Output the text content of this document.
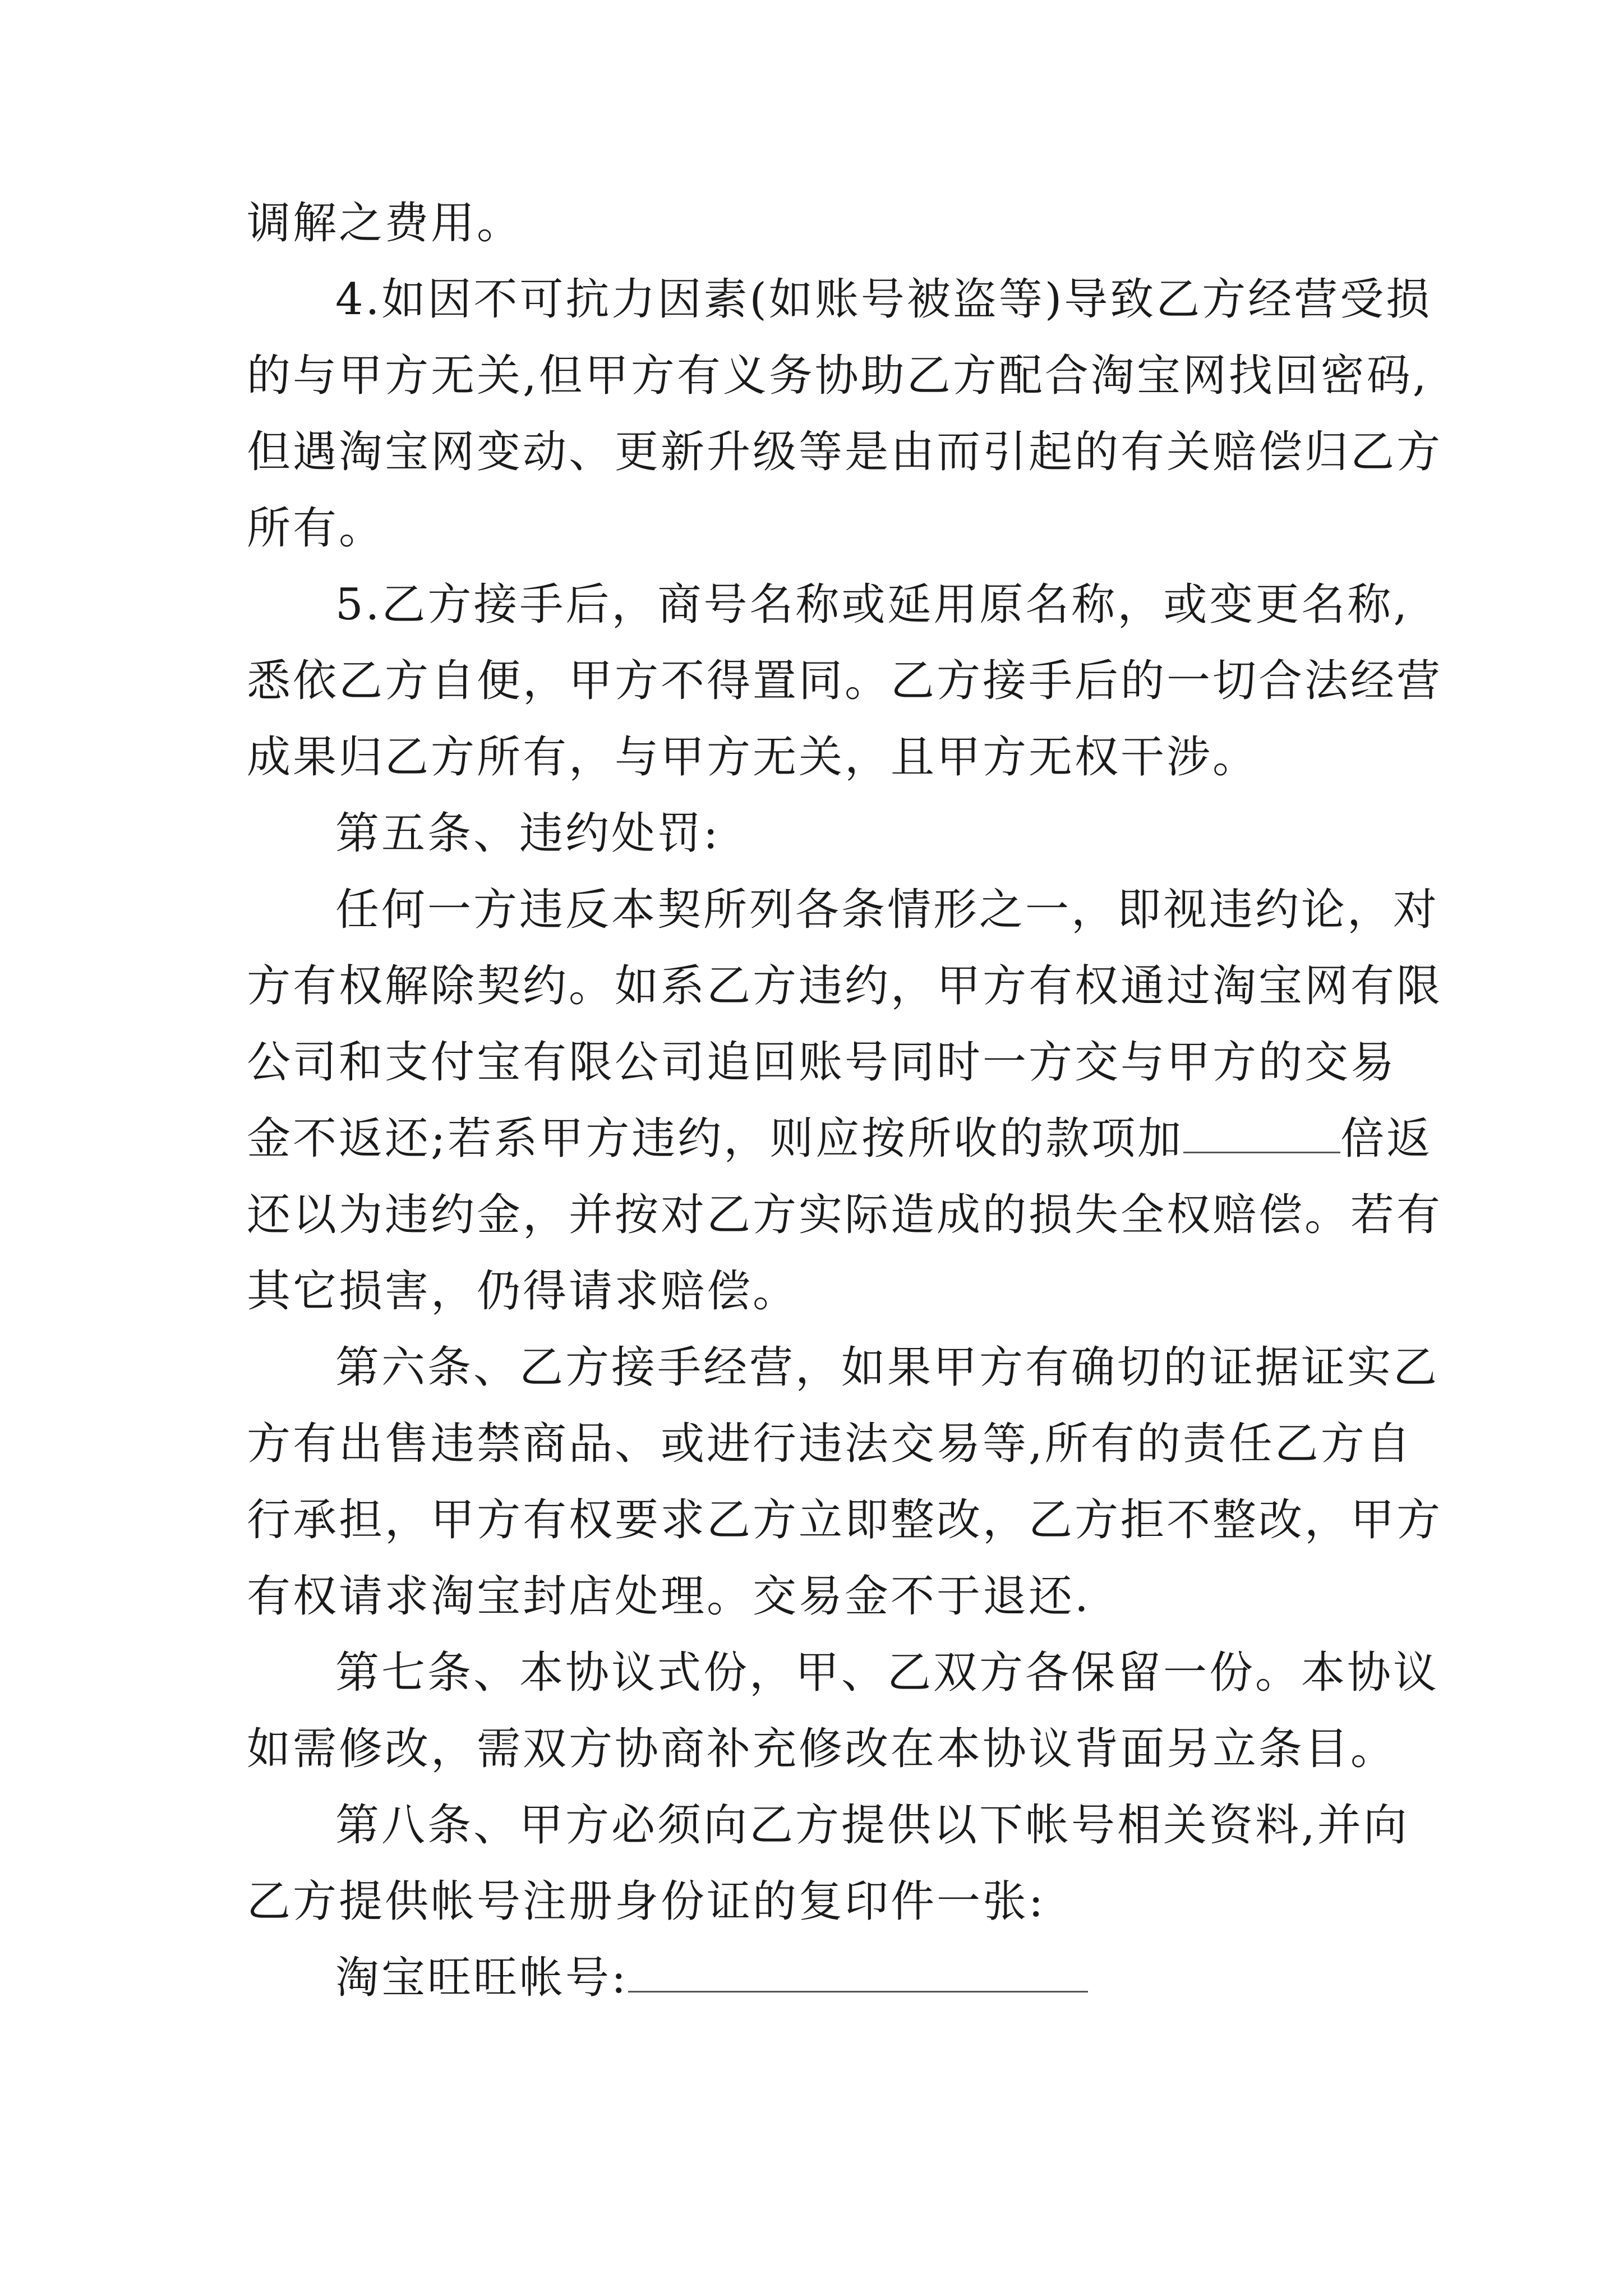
调解之费用。
4.如因不可抗力因素(如账号被盗等)导致乙方经营受损
的与甲方无关,但甲方有义务协助乙方配合淘宝网找回密码,
但遇淘宝网变动、更新升级等是由而引起的有关赔偿归乙方
所有。
5.乙方接手后，商号名称或延用原名称，或变更名称,
悉依乙方自便，甲方不得置同。乙方接手后的一切合法经营
成果归乙方所有，与甲方无关，且甲方无权干涉。
第五条、违约处罚:
任何一方违反本契所列各条情形之一，即视违约论，对
方有权解除契约。如系乙方违约，甲方有权通过淘宝网有限
公司和支付宝有限公司追回账号同时一方交与甲方的交易
金不返还;若系甲方违约，则应按所收的款项加	倍返
还以为违约金，并按对乙方实际造成的损失全权赔偿。若有
其它损害，仍得请求赔偿。
第六条、乙方接手经营，如果甲方有确切的证据证实乙
方有出售违禁商品、或进行违法交易等,所有的责任乙方自
行承担，甲方有权要求乙方立即整改，乙方拒不整改，甲方
有权请求淘宝封店处理。交易金不于退还.
第七条、本协议式份，甲、乙双方各保留一份。本协议
如需修改，需双方协商补充修改在本协议背面另立条目。
第八条、甲方必须向乙方提供以下帐号相关资料,并向
乙方提供帐号注册身份证的复印件一张:
淘宝旺旺帐号:
